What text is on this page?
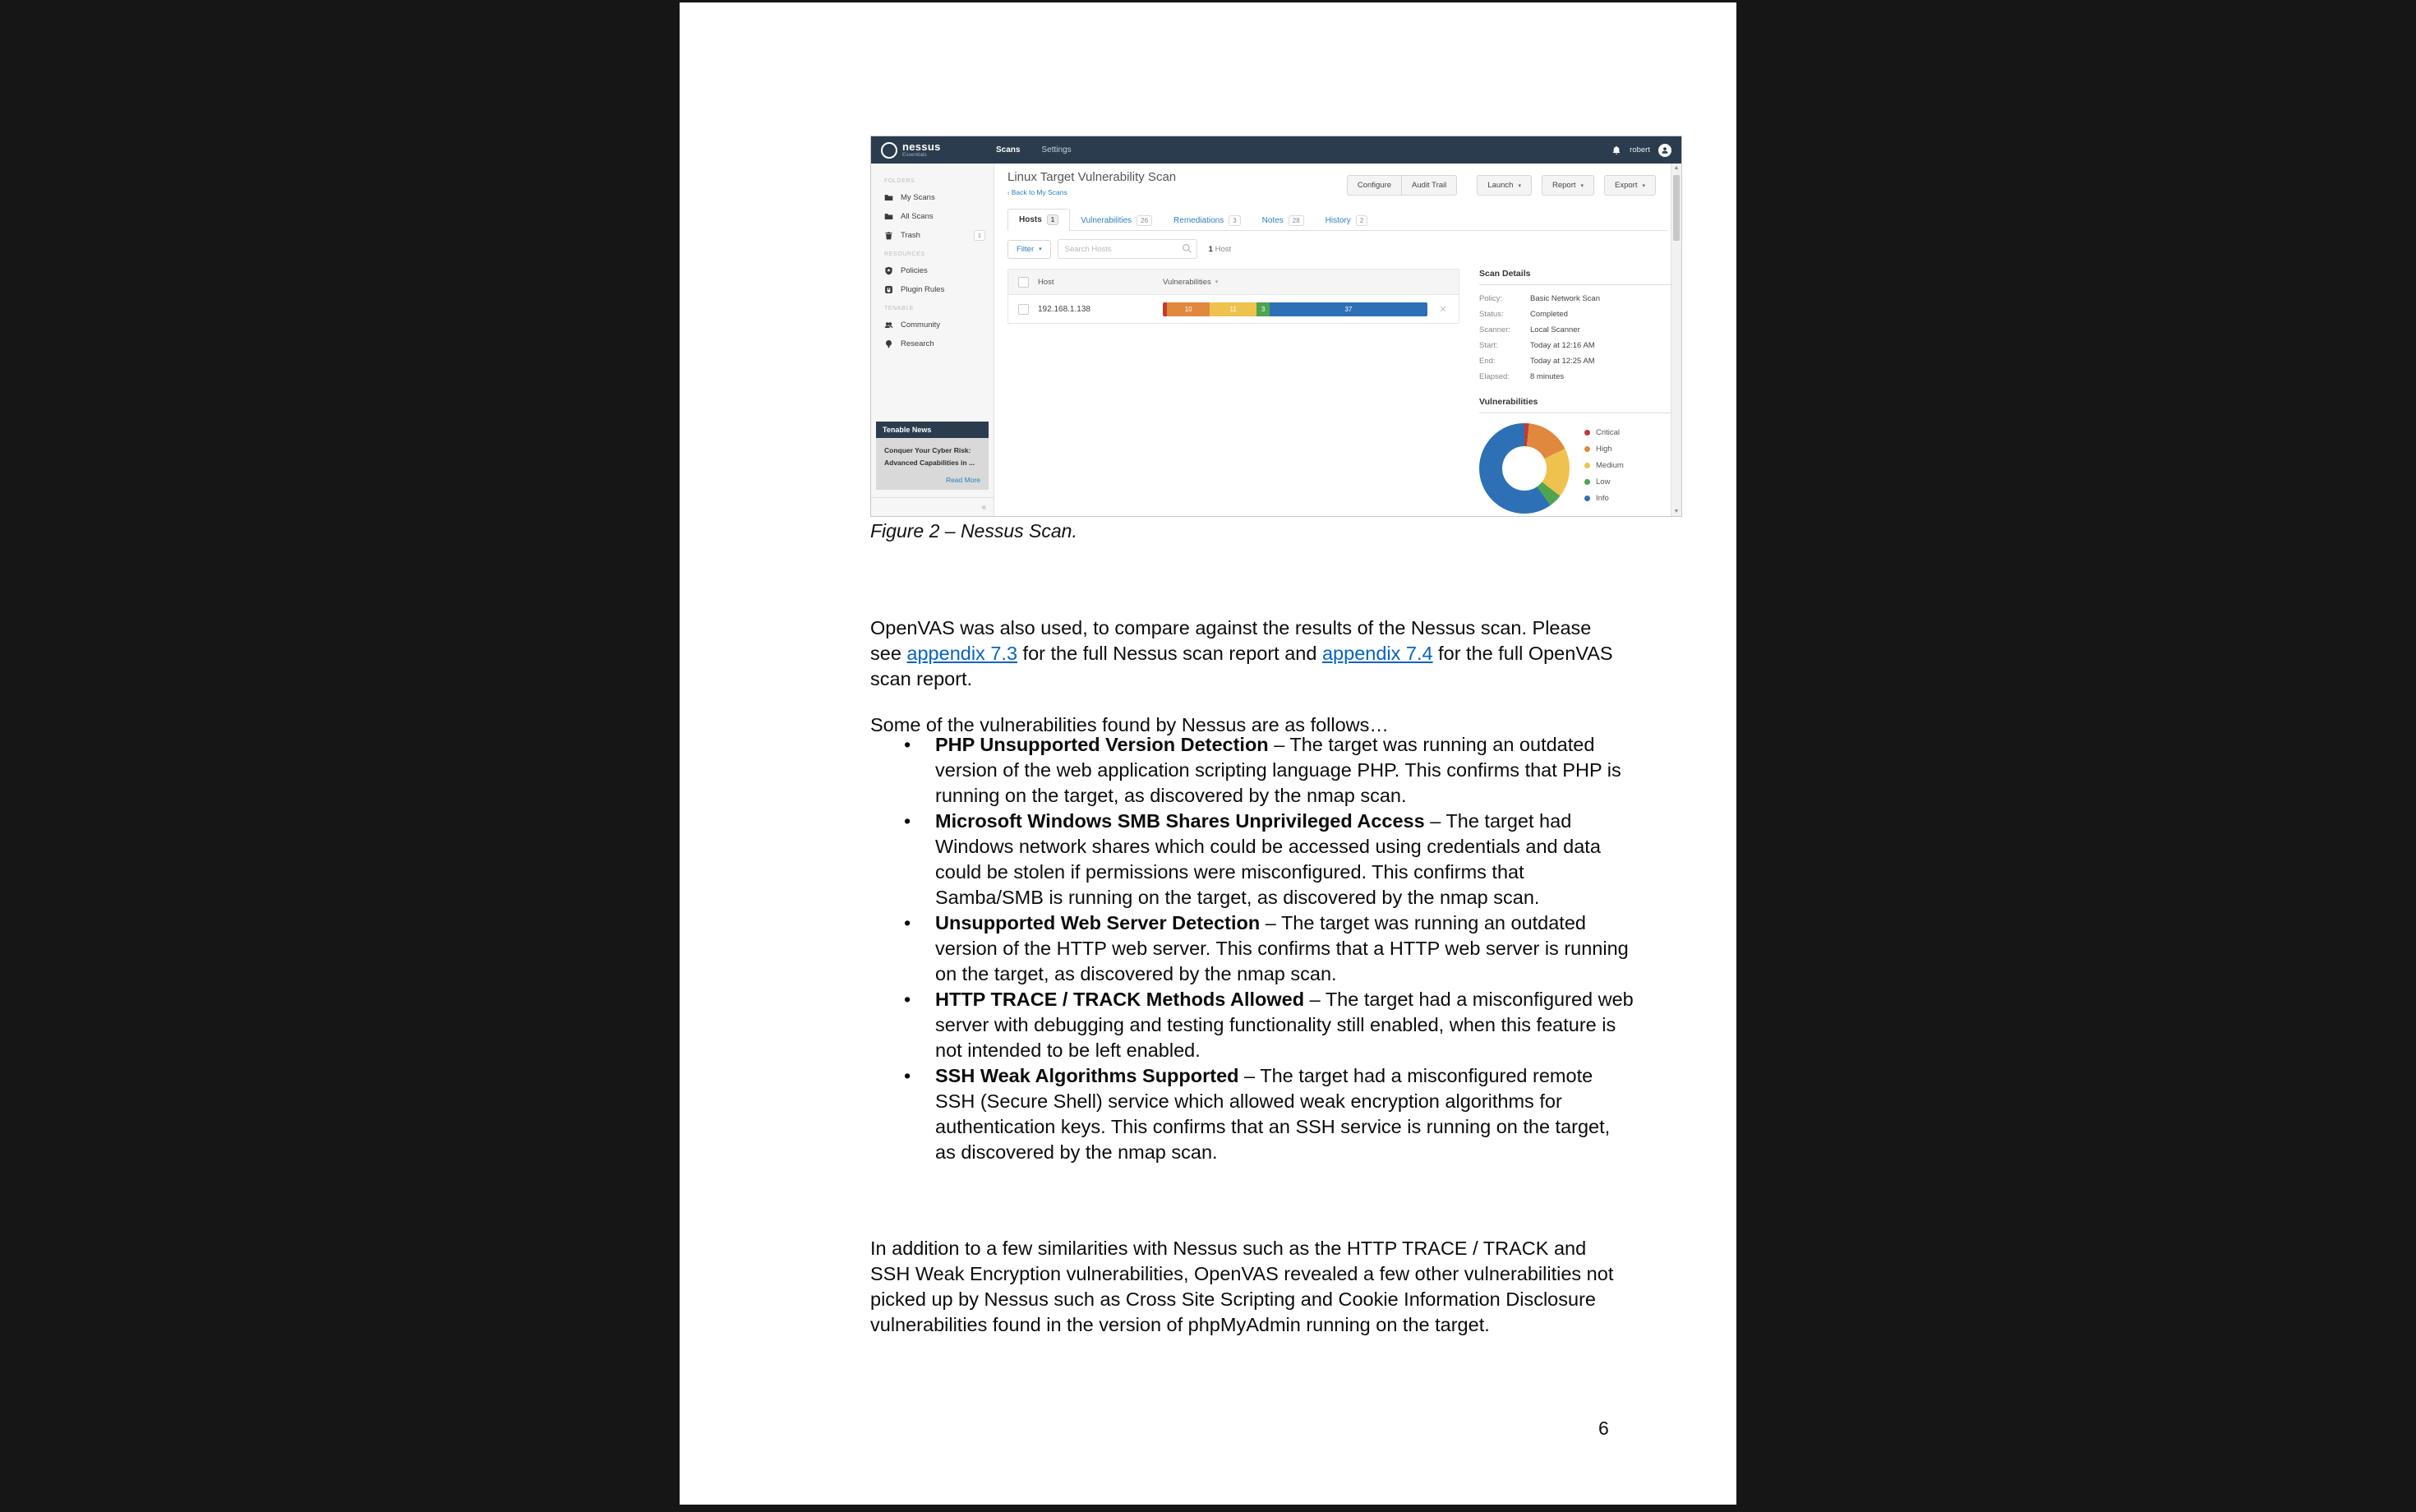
nessus
Essentials
Scans	Settings	robert
FOLDERS
My Scans
All Scans
Trash	1
RESOURCES
Policies
Plugin Rules
TENABLE
Community
Research
Tenable News
Conquer Your Cyber Risk: Advanced Capabilities in ...
Read More
«
Linux Target Vulnerability Scan
‹ Back to My Scans
Configure	Audit Trail	Launch ▾	Report ▾	Export ▾
Hosts	1	Vulnerabilities	26	Remediations	3	Notes	28	History	2
Filter ▾
Search Hosts	1 Host
Host	Vulnerabilities ▾
192.168.1.138	10	11	3	37	✕
Scan Details
Policy:	Basic Network Scan
Status:	Completed
Scanner:	Local Scanner
Start:	Today at 12:16 AM
End:	Today at 12:25 AM
Elapsed:	8 minutes
Vulnerabilities
Critical
High
Medium
Low
Info
▲
▼
Figure 2 – Nessus Scan.

OpenVAS was also used, to compare against the results of the Nessus scan. Please see appendix 7.3 for the full Nessus scan report and appendix 7.4 for the full OpenVAS scan report.

Some of the vulnerabilities found by Nessus are as follows…

• PHP Unsupported Version Detection – The target was running an outdated version of the web application scripting language PHP. This confirms that PHP is running on the target, as discovered by the nmap scan.
• Microsoft Windows SMB Shares Unprivileged Access – The target had Windows network shares which could be accessed using credentials and data could be stolen if permissions were misconfigured. This confirms that Samba/SMB is running on the target, as discovered by the nmap scan.
• Unsupported Web Server Detection – The target was running an outdated version of the HTTP web server. This confirms that a HTTP web server is running on the target, as discovered by the nmap scan.
• HTTP TRACE / TRACK Methods Allowed – The target had a misconfigured web server with debugging and testing functionality still enabled, when this feature is not intended to be left enabled.
• SSH Weak Algorithms Supported – The target had a misconfigured remote SSH (Secure Shell) service which allowed weak encryption algorithms for authentication keys. This confirms that an SSH service is running on the target, as discovered by the nmap scan.

In addition to a few similarities with Nessus such as the HTTP TRACE / TRACK and SSH Weak Encryption vulnerabilities, OpenVAS revealed a few other vulnerabilities not picked up by Nessus such as Cross Site Scripting and Cookie Information Disclosure vulnerabilities found in the version of phpMyAdmin running on the target.

6
